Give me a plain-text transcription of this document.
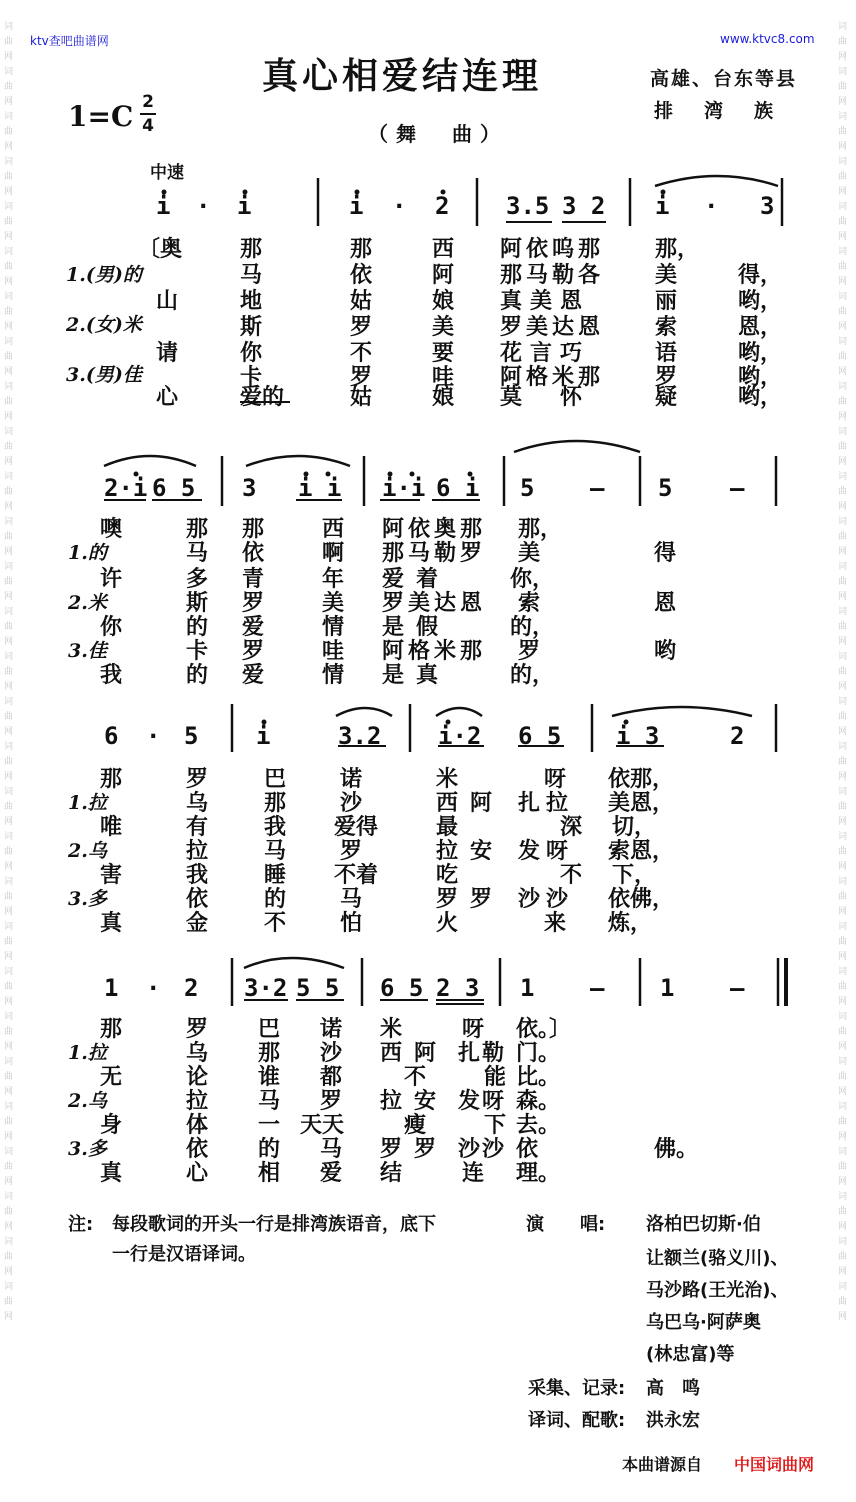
ktv查吧曲谱网	www.ktvc8.com
词曲网词曲网词曲网词曲网词曲网词曲网词曲网词曲网词曲网词曲网词曲网词曲网词曲网词曲网词曲网词曲网词曲网词曲网词曲网词曲网词曲网词曲网词曲网词曲网词曲网词曲网词曲网词曲网词曲网
词曲网词曲网词曲网词曲网词曲网词曲网词曲网词曲网词曲网词曲网词曲网词曲网词曲网词曲网词曲网词曲网词曲网词曲网词曲网词曲网词曲网词曲网词曲网词曲网词曲网词曲网词曲网词曲网词曲网
真心相爱结连理	高雄、台东等县
排　湾　族
1=C 2
4	（舞　曲）
中速
i · i	i · 2 3.5 3 2 i · 3
〔奥	那	那	西 阿依呜那 那，
1.(男)的	马	依	阿 那马勒各 美	得，
山	地	姑	娘 真美恩	丽	哟，
2.(女)米	斯	罗	美 罗美达恩 索	恩，
请	你	不	要 花言巧	语	哟，
3.(男)佳	卡	罗	哇 阿格米那 罗	哟，
心	爱的	姑	娘 莫 怀	疑	哟，
2·i 6 5 3 i i i·i 6 i 5 – 5 –
噢	那 那	西 阿依奥那 那，
1.的	马 依	啊 那马勒罗 美	得
许	多 青	年 爱着	你，
2.米	斯 罗	美 罗美达恩 索	恩
你	的 爱	情 是假	的，
3.佳	卡 罗	哇 阿格米那 罗	哟
我	的 爱	情 是真	的，
6 · 5 i	3.2 i·2 6 5 i 3	2
那	罗	巴 诺	米	呀 依那，
1.拉	乌	那 沙	西阿 扎拉 美恩，
唯	有	我 爱得	最	深 切，
2.乌	拉	马 罗	拉安 发呀 索恩，
害	我	睡 不着	吃	不 下，
3.多	依	的 马	罗罗 沙沙 依佛，
真	金	不 怕	火	来 炼，
1 · 2 3·2 5 5 6 5 2 3 1 – 1 –
那	罗 巴 诺 米	呀 依。〕
1.拉	乌 那 沙 西阿 扎勒 门。
无	论 谁 都	不	能 比。
2.乌	拉 马 罗 拉安 发呀 森。
身	体 一 天天	瘦	下 去。
3.多	依 的 马 罗罗 沙沙 依	佛。
真	心 相 爱 结	连 理。
注: 每段歌词的开头一行是排湾族语音，底下
一行是汉语译词。
演　　唱: 洛柏巴切斯·伯
让额兰(骆义川)、
马沙路(王光治)、
乌巴乌·阿萨奥
(林忠富)等
采集、记录: 高　鸣
译词、配歌: 洪永宏
本曲谱源自 中国词曲网
